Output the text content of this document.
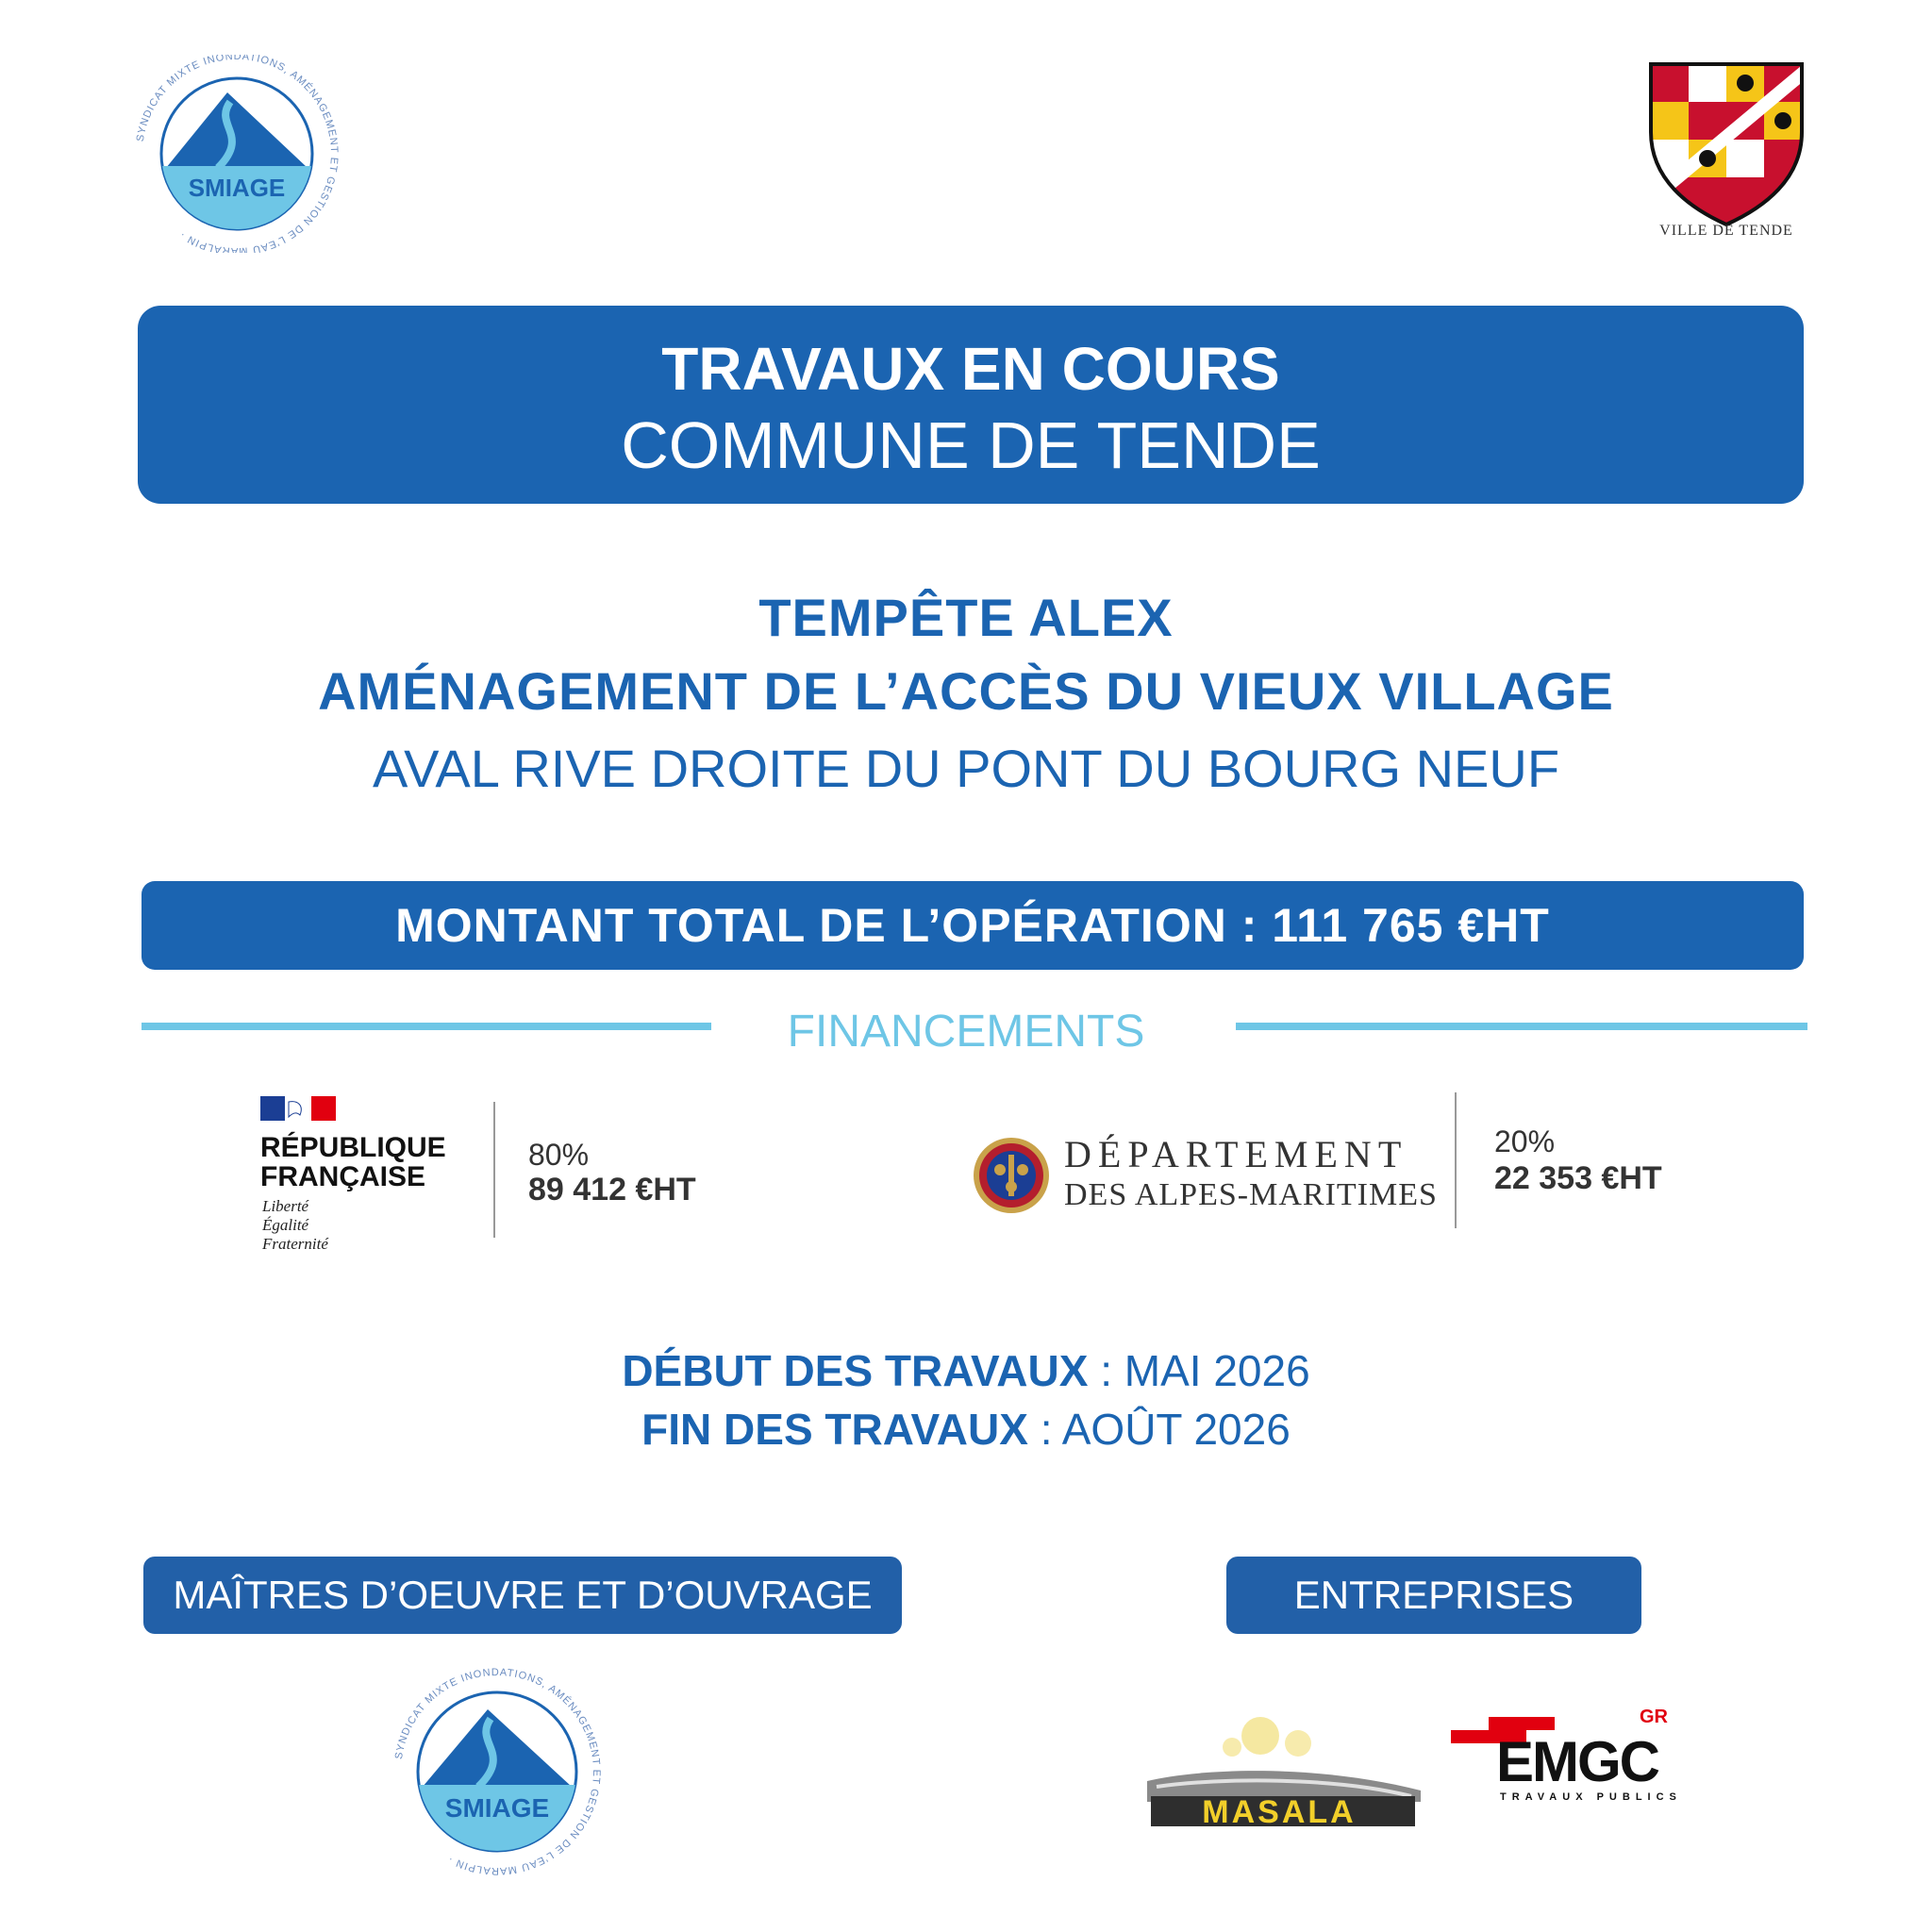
SYNDICAT MIXTE INONDATIONS, AMÉNAGEMENT ET GESTION DE L'EAU MARALPIN ·
SMIAGE
VILLE DE TENDE
TRAVAUX EN COURS
COMMUNE DE TENDE
TEMPÊTE ALEX
AMÉNAGEMENT DE L’ACCÈS DU VIEUX VILLAGE
AVAL RIVE DROITE DU PONT DU BOURG NEUF
MONTANT TOTAL DE L’OPÉRATION : 111 765 €HT
FINANCEMENTS
RÉPUBLIQUE
FRANÇAISE
Liberté
Égalité
Fraternité
80%
89 412 €HT
DÉPARTEMENT
DES ALPES-MARITIMES
20%
22 353 €HT
DÉBUT DES TRAVAUX : MAI 2026
FIN DES TRAVAUX : AOÛT 2026
MAÎTRES D’OEUVRE ET D’OUVRAGE	ENTREPRISES
SYNDICAT MIXTE INONDATIONS, AMÉNAGEMENT ET GESTION DE L'EAU MARALPIN ·
SMIAGE	MASALA
GR
EMGC
TRAVAUX PUBLICS
